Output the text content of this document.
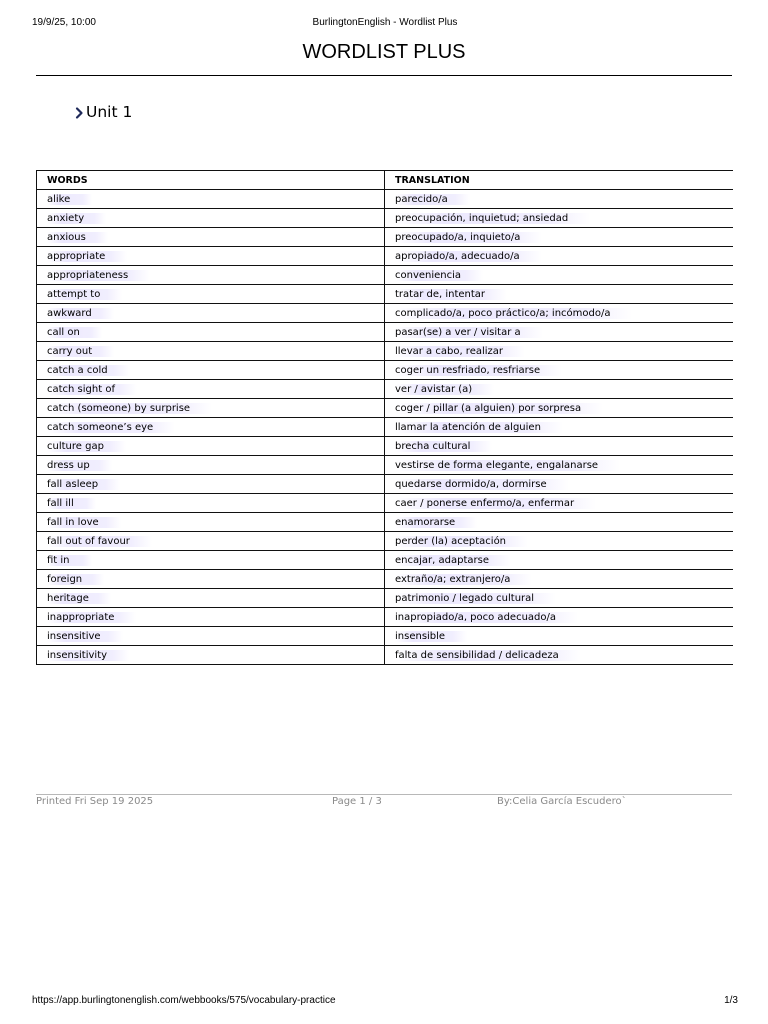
19/9/25, 10:00	BurlingtonEnglish - Wordlist Plus
WORDLIST PLUS
Unit 1
WORDS	TRANSLATION
alike	parecido/a
anxiety	preocupación, inquietud; ansiedad
anxious	preocupado/a, inquieto/a
appropriate	apropiado/a, adecuado/a
appropriateness	conveniencia
attempt to	tratar de, intentar
awkward	complicado/a, poco práctico/a; incómodo/a
call on	pasar(se) a ver / visitar a
carry out	llevar a cabo, realizar
catch a cold	coger un resfriado, resfriarse
catch sight of	ver / avistar (a)
catch (someone) by surprise	coger / pillar (a alguien) por sorpresa
catch someone’s eye	llamar la atención de alguien
culture gap	brecha cultural
dress up	vestirse de forma elegante, engalanarse
fall asleep	quedarse dormido/a, dormirse
fall ill	caer / ponerse enfermo/a, enfermar
fall in love	enamorarse
fall out of favour	perder (la) aceptación
fit in	encajar, adaptarse
foreign	extraño/a; extranjero/a
heritage	patrimonio / legado cultural
inappropriate	inapropiado/a, poco adecuado/a
insensitive	insensible
insensitivity	falta de sensibilidad / delicadeza
Printed Fri Sep 19 2025	Page 1 / 3	By:Celia García Escudero`
https://app.burlingtonenglish.com/webbooks/575/vocabulary-practice	1/3
